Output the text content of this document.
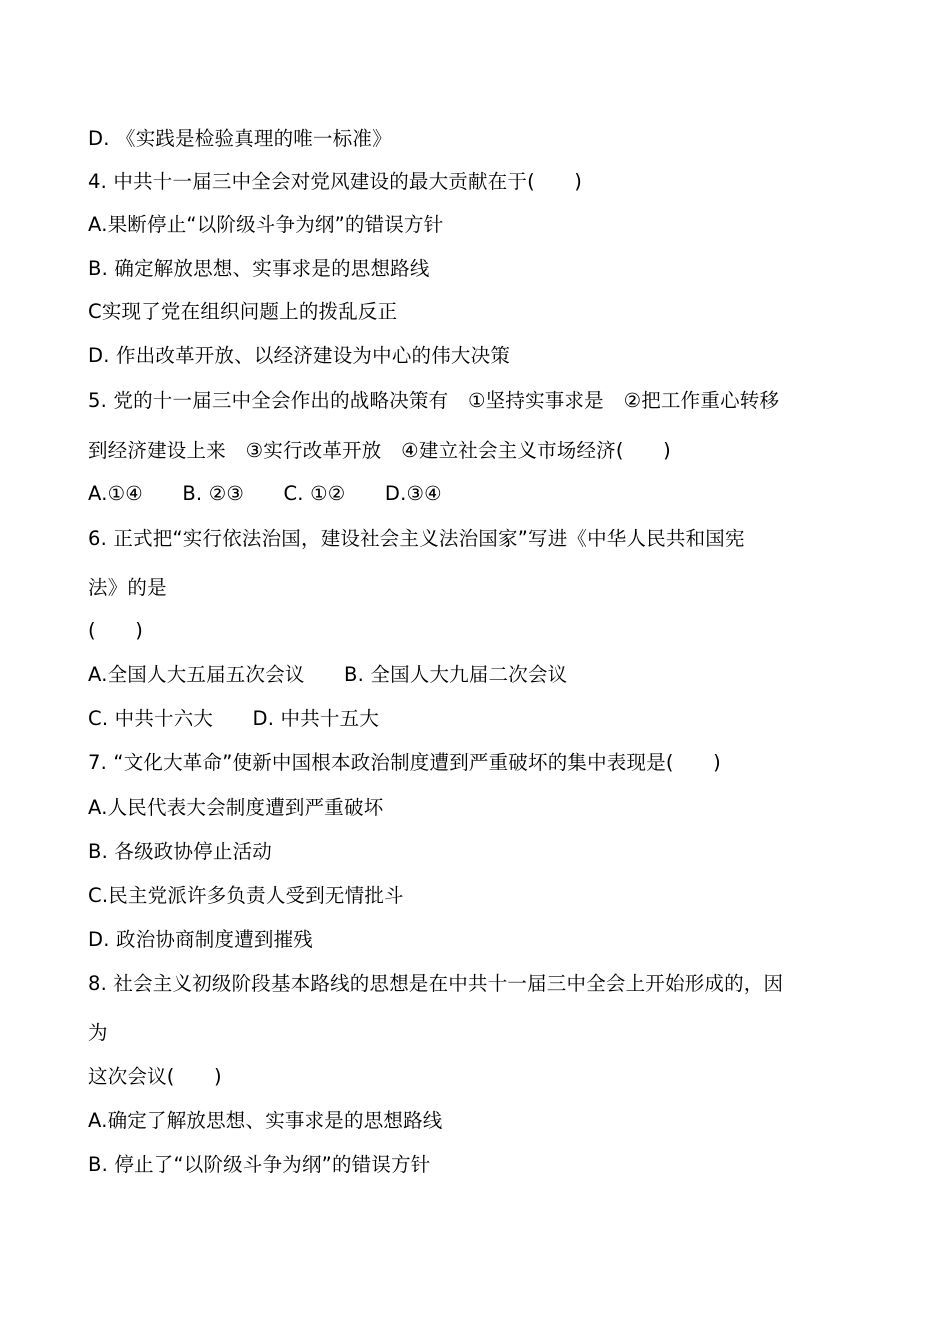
D. 《实践是检验真理的唯一标准》
4. 中共十一届三中全会对党风建设的最大贡献在于(　　)
A.果断停止“以阶级斗争为纲”的错误方针
B. 确定解放思想、实事求是的思想路线
C实现了党在组织问题上的拨乱反正
D. 作出改革开放、以经济建设为中心的伟大决策
5. 党的十一届三中全会作出的战略决策有　①坚持实事求是　②把工作重心转移
到经济建设上来　③实行改革开放　④建立社会主义市场经济(　　)
A.①④　　B. ②③　　C. ①②　　D.③④
6. 正式把“实行依法治国，建设社会主义法治国家”写进《中华人民共和国宪
法》的是
(　　)
A.全国人大五届五次会议　　B. 全国人大九届二次会议
C. 中共十六大　　D. 中共十五大
7. “文化大革命”使新中国根本政治制度遭到严重破坏的集中表现是(　　)
A.人民代表大会制度遭到严重破坏
B. 各级政协停止活动
C.民主党派许多负责人受到无情批斗
D. 政治协商制度遭到摧残
8. 社会主义初级阶段基本路线的思想是在中共十一届三中全会上开始形成的，因
为
这次会议(　　)
A.确定了解放思想、实事求是的思想路线
B. 停止了“以阶级斗争为纲”的错误方针
